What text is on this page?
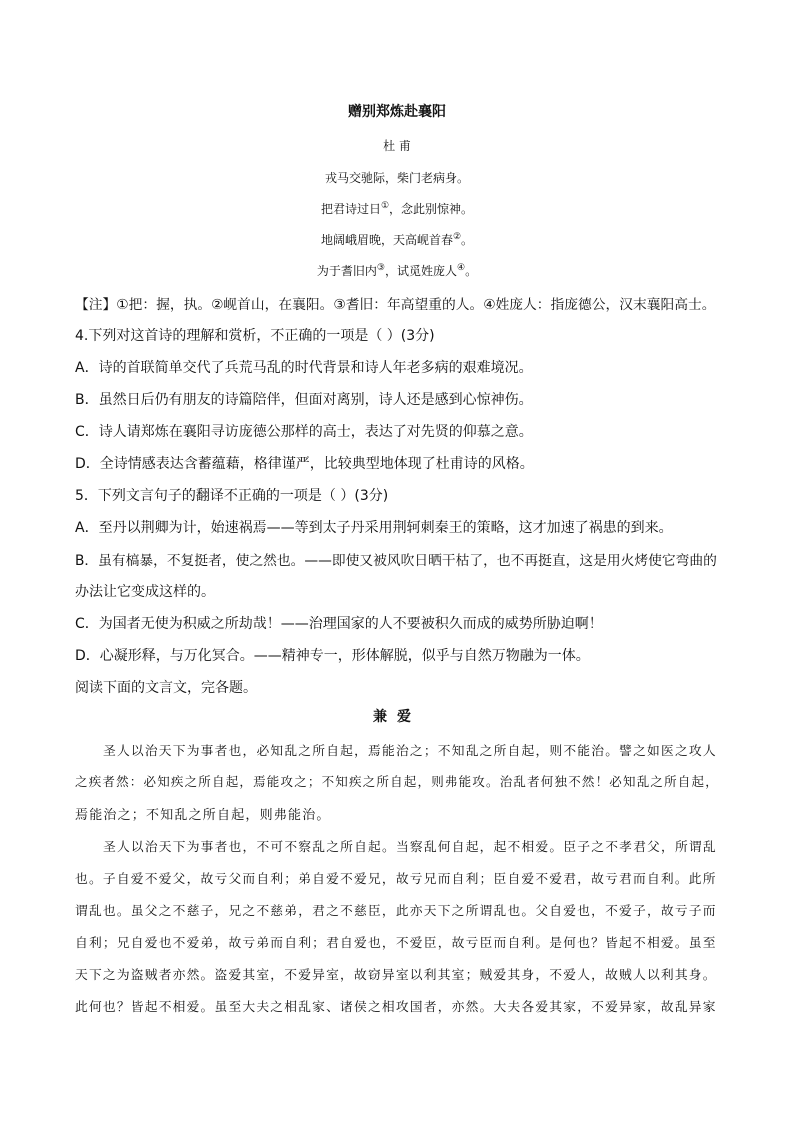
赠别郑炼赴襄阳
杜 甫
戎马交驰际，柴门老病身。
把君诗过日①，念此别惊神。
地阔峨眉晚，天高岘首春②。
为于耆旧内③，试觅姓庞人④。
【注】①把：握，执。②岘首山，在襄阳。③耆旧：年高望重的人。④姓庞人：指庞德公，汉末襄阳高士。
4.下列对这首诗的理解和赏析，不正确的一项是（ ）(3分)
A．诗的首联简单交代了兵荒马乱的时代背景和诗人年老多病的艰难境况。
B．虽然日后仍有朋友的诗篇陪伴，但面对离别，诗人还是感到心惊神伤。
C．诗人请郑炼在襄阳寻访庞德公那样的高士，表达了对先贤的仰慕之意。
D．全诗情感表达含蓄蕴藉，格律谨严，比较典型地体现了杜甫诗的风格。
5．下列文言句子的翻译不正确的一项是（ ）(3分)
A．至丹以荆卿为计，始速祸焉——等到太子丹采用荆轲刺秦王的策略，这才加速了祸患的到来。
B．虽有槁暴，不复挺者，使之然也。——即使又被风吹日晒干枯了，也不再挺直，这是用火烤使它弯曲的
办法让它变成这样的。
C．为国者无使为积威之所劫哉！——治理国家的人不要被积久而成的威势所胁迫啊！
D．心凝形释，与万化冥合。——精神专一，形体解脱，似乎与自然万物融为一体。
阅读下面的文言文，完各题。
兼爱
圣人以治天下为事者也，必知乱之所自起，焉能治之；不知乱之所自起，则不能治。譬之如医之攻人
之疾者然：必知疾之所自起，焉能攻之；不知疾之所自起，则弗能攻。治乱者何独不然！必知乱之所自起，
焉能治之；不知乱之所自起，则弗能治。
圣人以治天下为事者也，不可不察乱之所自起。当察乱何自起，起不相爱。臣子之不孝君父，所谓乱
也。子自爱不爱父，故亏父而自利；弟自爱不爱兄，故亏兄而自利；臣自爱不爱君，故亏君而自利。此所
谓乱也。虽父之不慈子，兄之不慈弟，君之不慈臣，此亦天下之所谓乱也。父自爱也，不爱子，故亏子而
自利；兄自爱也不爱弟，故亏弟而自利；君自爱也，不爱臣，故亏臣而自利。是何也？皆起不相爱。虽至
天下之为盗贼者亦然。盗爱其室，不爱异室，故窃异室以利其室；贼爱其身，不爱人，故贼人以利其身。
此何也？皆起不相爱。虽至大夫之相乱家、诸侯之相攻国者，亦然。大夫各爱其家，不爱异家，故乱异家
